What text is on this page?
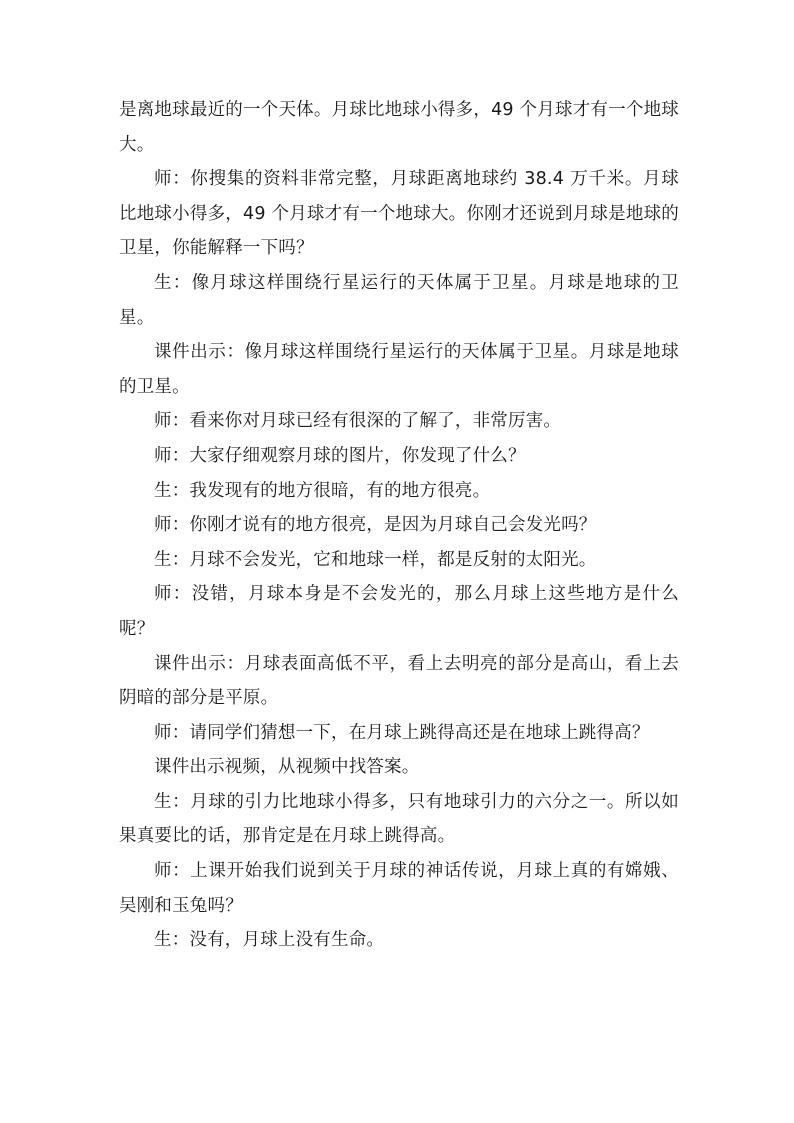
是离地球最近的一个天体。月球比地球小得多，49 个月球才有一个地球大。

师：你搜集的资料非常完整，月球距离地球约 38.4 万千米。月球比地球小得多，49 个月球才有一个地球大。你刚才还说到月球是地球的卫星，你能解释一下吗？

生：像月球这样围绕行星运行的天体属于卫星。月球是地球的卫星。

课件出示：像月球这样围绕行星运行的天体属于卫星。月球是地球的卫星。

师：看来你对月球已经有很深的了解了，非常厉害。

师：大家仔细观察月球的图片，你发现了什么？

生：我发现有的地方很暗，有的地方很亮。

师：你刚才说有的地方很亮，是因为月球自己会发光吗？

生：月球不会发光，它和地球一样，都是反射的太阳光。

师：没错，月球本身是不会发光的，那么月球上这些地方是什么呢？

课件出示：月球表面高低不平，看上去明亮的部分是高山，看上去阴暗的部分是平原。

师：请同学们猜想一下，在月球上跳得高还是在地球上跳得高？

课件出示视频，从视频中找答案。

生：月球的引力比地球小得多，只有地球引力的六分之一。所以如果真要比的话，那肯定是在月球上跳得高。

师：上课开始我们说到关于月球的神话传说，月球上真的有嫦娥、吴刚和玉兔吗？

生：没有，月球上没有生命。
